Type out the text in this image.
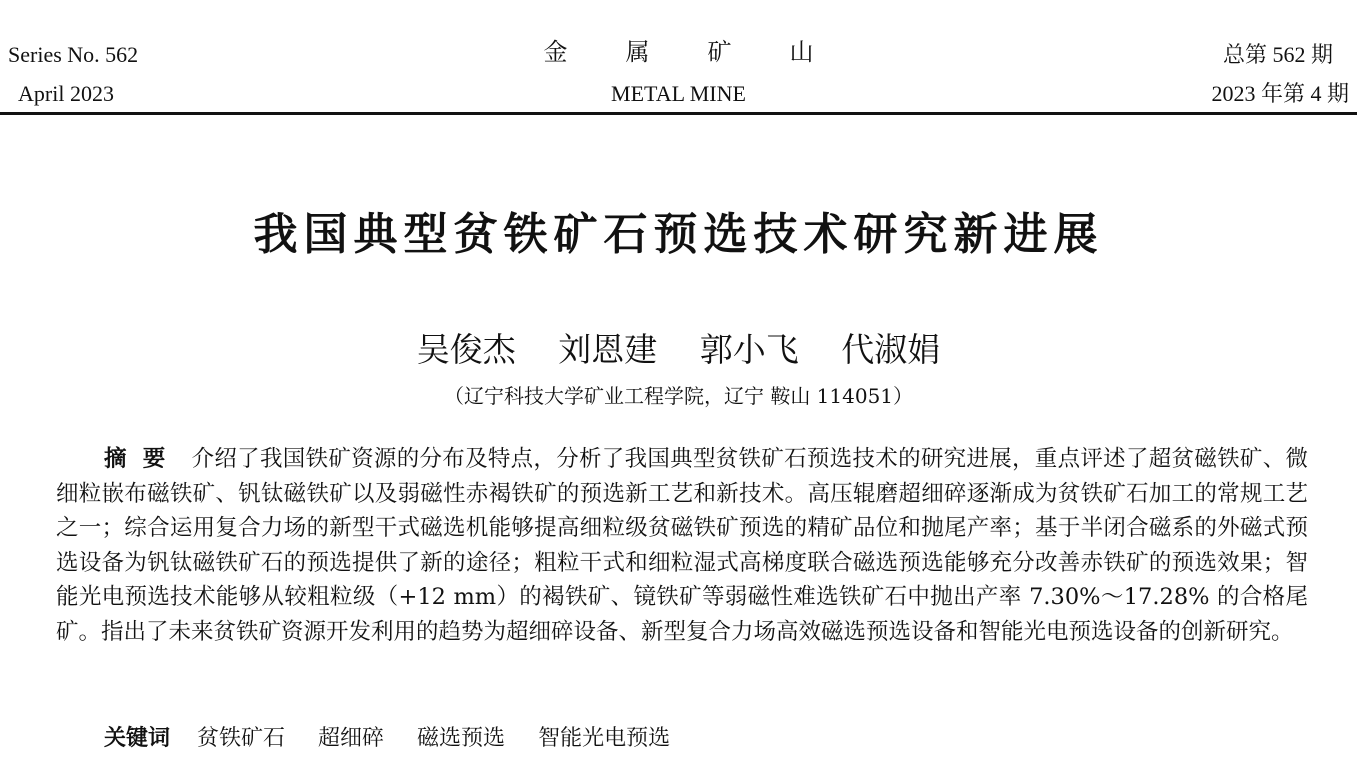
Series No. 562
April 2023
金属矿山
METAL MINE
总第 562 期
2023 年第 4 期
我国典型贫铁矿石预选技术研究新进展
吴俊杰 刘恩建 郭小飞 代淑娟
（辽宁科技大学矿业工程学院，辽宁 鞍山 114051）
摘要 介绍了我国铁矿资源的分布及特点，分析了我国典型贫铁矿石预选技术的研究进展，重点评述了超贫磁铁矿、微细粒嵌布磁铁矿、钒钛磁铁矿以及弱磁性赤褐铁矿的预选新工艺和新技术。高压辊磨超细碎逐渐成为贫铁矿石加工的常规工艺之一；综合运用复合力场的新型干式磁选机能够提高细粒级贫磁铁矿预选的精矿品位和抛尾产率；基于半闭合磁系的外磁式预选设备为钒钛磁铁矿石的预选提供了新的途径；粗粒干式和细粒湿式高梯度联合磁选预选能够充分改善赤铁矿的预选效果；智能光电预选技术能够从较粗粒级（+12 mm）的褐铁矿、镜铁矿等弱磁性难选铁矿石中抛出产率 7.30%～17.28% 的合格尾矿。指出了未来贫铁矿资源开发利用的趋势为超细碎设备、新型复合力场高效磁选预选设备和智能光电预选设备的创新研究。
关键词 贫铁矿石 超细碎 磁选预选 智能光电预选
